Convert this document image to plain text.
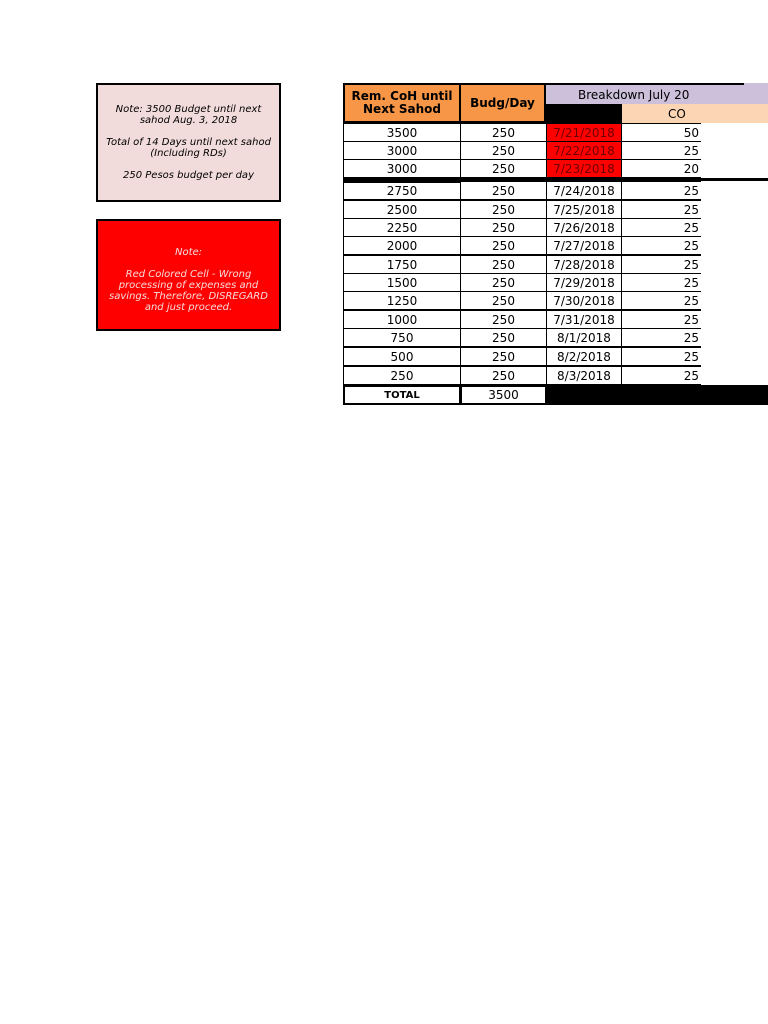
Note: 3500 Budget until next sahod Aug. 3, 2018
Total of 14 Days until next sahod (Including RDs)
250 Pesos budget per day
Note:
Red Colored Cell - Wrong processing of expenses and savings. Therefore, DISREGARD and just proceed.
Rem. CoH until Next Sahod	Budg/Day
Breakdown July 20
CO
3500	250	7/21/2018	50
3000	250	7/22/2018	25
3000	250	7/23/2018	20
2750	250	7/24/2018	25
2500	250	7/25/2018	25
2250	250	7/26/2018	25
2000	250	7/27/2018	25
1750	250	7/28/2018	25
1500	250	7/29/2018	25
1250	250	7/30/2018	25
1000	250	7/31/2018	25
750	250	8/1/2018	25
500	250	8/2/2018	25
250	250	8/3/2018	25
TOTAL	3500
